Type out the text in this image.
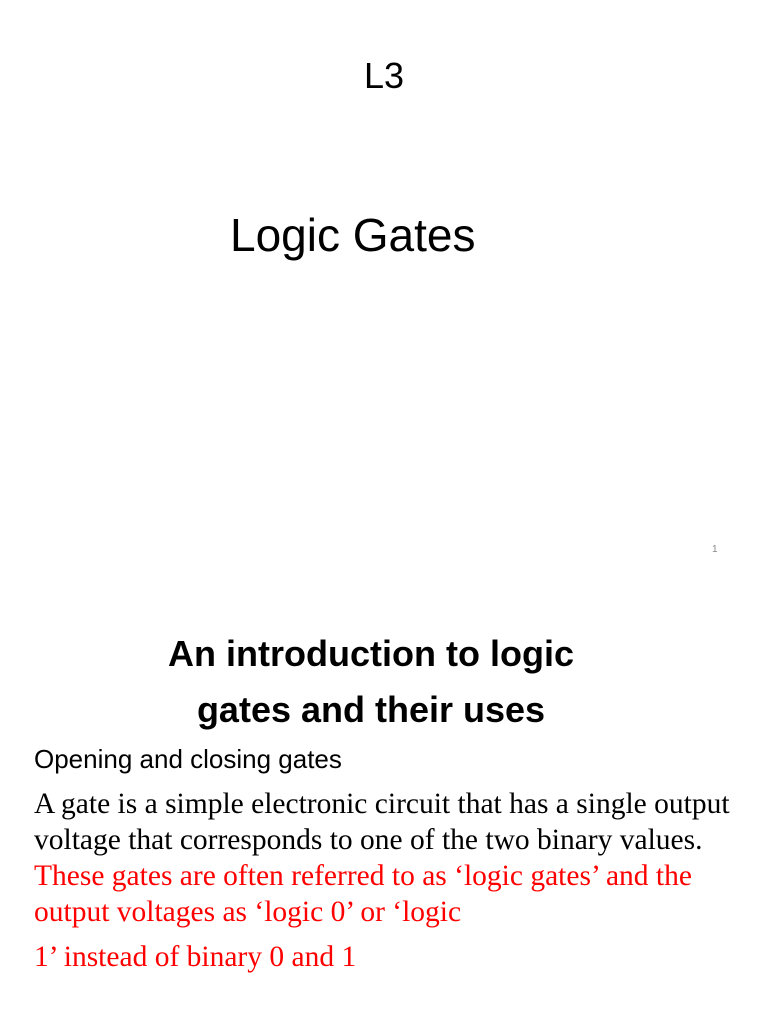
L3
Logic Gates
1
An introduction to logic
gates and their uses
Opening and closing gates
A gate is a simple electronic circuit that has a single output voltage that corresponds to one of the two binary values. These gates are often referred to as ‘logic gates’ and the output voltages as ‘logic 0’ or ‘logic
1’ instead of binary 0 and 1
